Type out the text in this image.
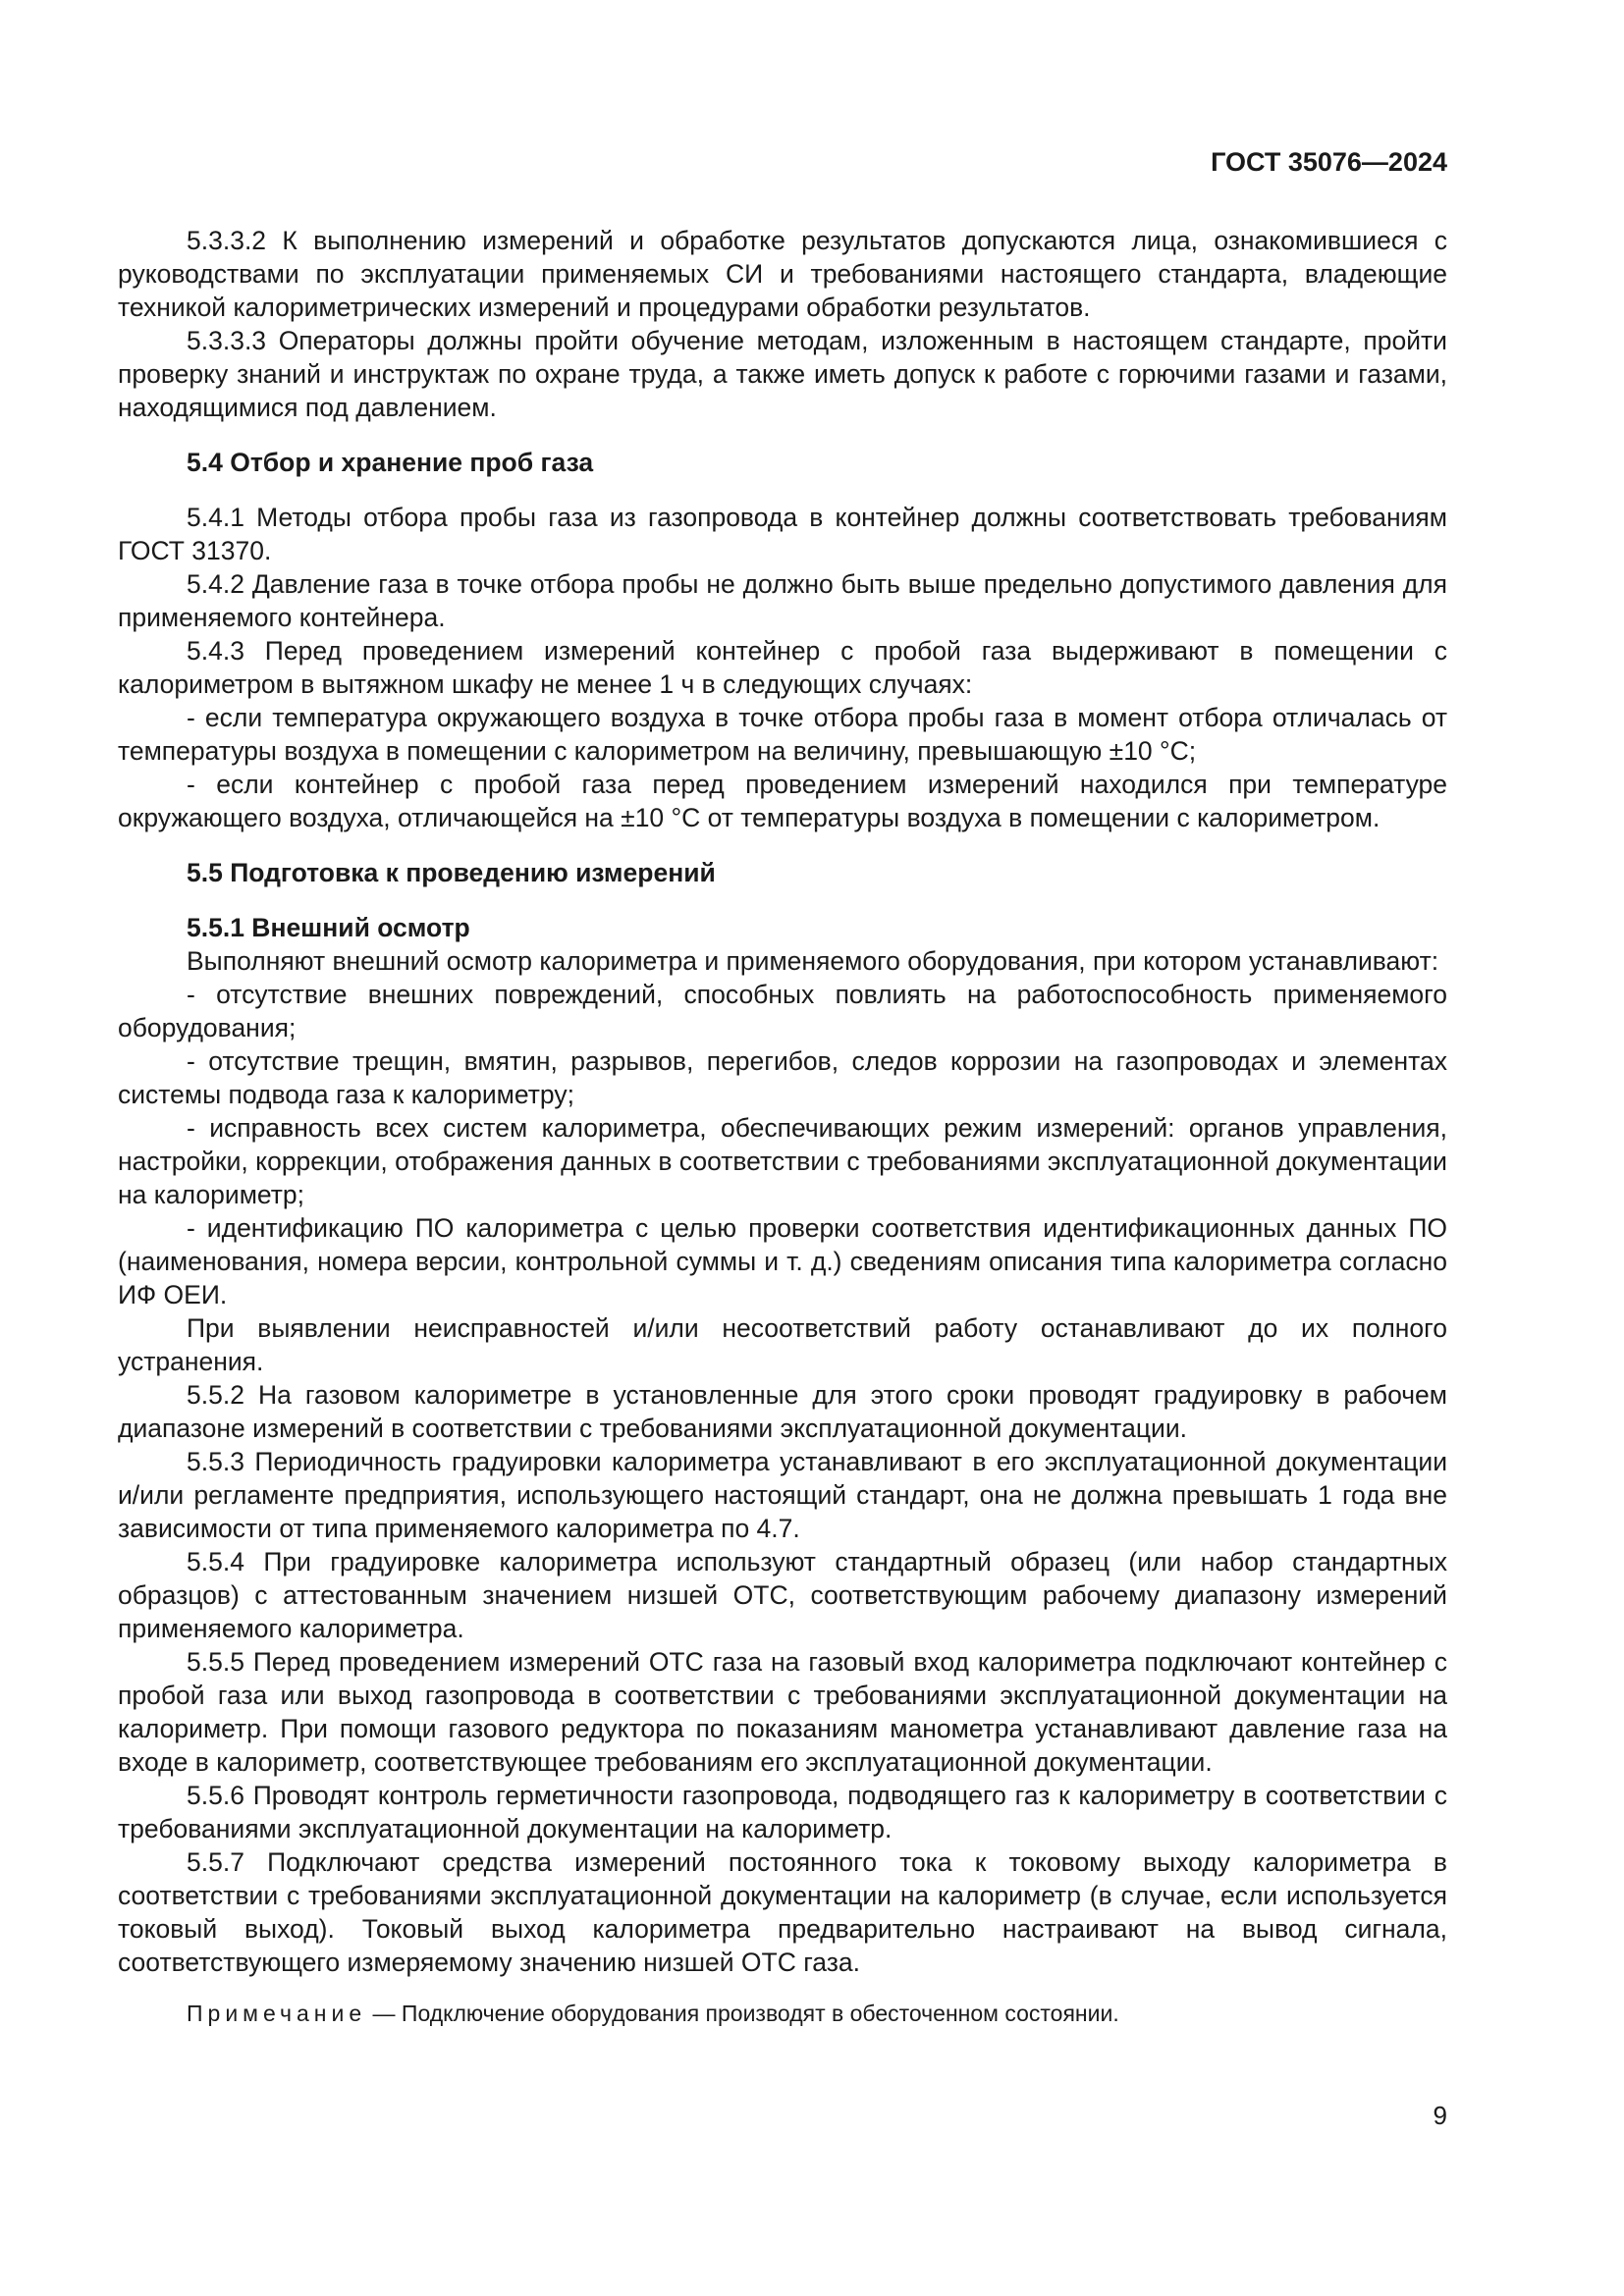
ГОСТ 35076—2024

5.3.3.2 К выполнению измерений и обработке результатов допускаются лица, ознакомившиеся с руководствами по эксплуатации применяемых СИ и требованиями настоящего стандарта, владеющие техникой калориметрических измерений и процедурами обработки результатов.

5.3.3.3 Операторы должны пройти обучение методам, изложенным в настоящем стандарте, пройти проверку знаний и инструктаж по охране труда, а также иметь допуск к работе с горючими газами и газами, находящимися под давлением.

5.4 Отбор и хранение проб газа

5.4.1 Методы отбора пробы газа из газопровода в контейнер должны соответствовать требованиям ГОСТ 31370.

5.4.2 Давление газа в точке отбора пробы не должно быть выше предельно допустимого давления для применяемого контейнера.

5.4.3 Перед проведением измерений контейнер с пробой газа выдерживают в помещении с калориметром в вытяжном шкафу не менее 1 ч в следующих случаях:

- если температура окружающего воздуха в точке отбора пробы газа в момент отбора отличалась от температуры воздуха в помещении с калориметром на величину, превышающую ±10 °С;

- если контейнер с пробой газа перед проведением измерений находился при температуре окружающего воздуха, отличающейся на ±10 °С от температуры воздуха в помещении с калориметром.

5.5 Подготовка к проведению измерений
5.5.1 Внешний осмотр

Выполняют внешний осмотр калориметра и применяемого оборудования, при котором устанавливают:

- отсутствие внешних повреждений, способных повлиять на работоспособность применяемого оборудования;

- отсутствие трещин, вмятин, разрывов, перегибов, следов коррозии на газопроводах и элементах системы подвода газа к калориметру;

- исправность всех систем калориметра, обеспечивающих режим измерений: органов управления, настройки, коррекции, отображения данных в соответствии с требованиями эксплуатационной документации на калориметр;

- идентификацию ПО калориметра с целью проверки соответствия идентификационных данных ПО (наименования, номера версии, контрольной суммы и т. д.) сведениям описания типа калориметра согласно ИФ ОЕИ.

При выявлении неисправностей и/или несоответствий работу останавливают до их полного устранения.

5.5.2 На газовом калориметре в установленные для этого сроки проводят градуировку в рабочем диапазоне измерений в соответствии с требованиями эксплуатационной документации.

5.5.3 Периодичность градуировки калориметра устанавливают в его эксплуатационной документации и/или регламенте предприятия, использующего настоящий стандарт, она не должна превышать 1 года вне зависимости от типа применяемого калориметра по 4.7.

5.5.4 При градуировке калориметра используют стандартный образец (или набор стандартных образцов) с аттестованным значением низшей ОТС, соответствующим рабочему диапазону измерений применяемого калориметра.

5.5.5 Перед проведением измерений ОТС газа на газовый вход калориметра подключают контейнер с пробой газа или выход газопровода в соответствии с требованиями эксплуатационной документации на калориметр. При помощи газового редуктора по показаниям манометра устанавливают давление газа на входе в калориметр, соответствующее требованиям его эксплуатационной документации.

5.5.6 Проводят контроль герметичности газопровода, подводящего газ к калориметру в соответствии с требованиями эксплуатационной документации на калориметр.

5.5.7 Подключают средства измерений постоянного тока к токовому выходу калориметра в соответствии с требованиями эксплуатационной документации на калориметр (в случае, если используется токовый выход). Токовый выход калориметра предварительно настраивают на вывод сигнала, соответствующего измеряемому значению низшей ОТС газа.

Примечание — Подключение оборудования производят в обесточенном состоянии.

9
